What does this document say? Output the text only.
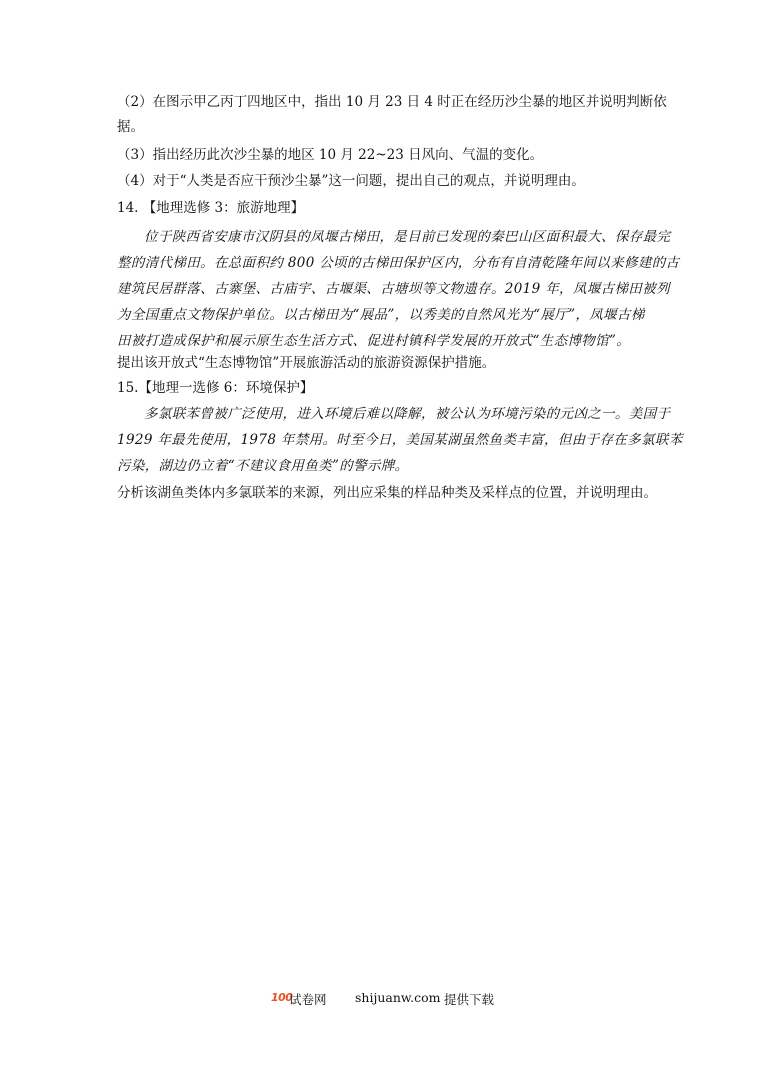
（2）在图示甲乙丙丁四地区中，指出 10 月 23 日 4 时正在经历沙尘暴的地区并说明判断依
据。
（3）指出经历此次沙尘暴的地区 10 月 22~23 日风向、气温的变化。
（4）对于“人类是否应干预沙尘暴”这一问题，提出自己的观点，并说明理由。
14. 【地理选修 3：旅游地理】
位于陕西省安康市汉阴县的凤堰古梯田，是目前已发现的秦巴山区面积最大、保存最完
整的清代梯田。在总面积约 800 公顷的古梯田保护区内，分布有自清乾隆年间以来修建的古
建筑民居群落、古寨堡、古庙宇、古堰渠、古塘坝等文物遗存。2019 年，凤堰古梯田被列
为全国重点文物保护单位。以古梯田为“展品”，以秀美的自然风光为“展厅”，凤堰古梯
田被打造成保护和展示原生态生活方式、促进村镇科学发展的开放式“生态博物馆”。
提出该开放式“生态博物馆”开展旅游活动的旅游资源保护措施。
15.【地理一选修 6：环境保护】
多氯联苯曾被广泛使用，进入环境后难以降解，被公认为环境污染的元凶之一。美国于
1929 年最先使用，1978 年禁用。时至今日，美国某湖虽然鱼类丰富，但由于存在多氯联苯
污染，湖边仍立着“不建议食用鱼类”的警示牌。
分析该湖鱼类体内多氯联苯的来源，列出应采集的样品种类及采样点的位置，并说明理由。
100
试卷网 shijuanw.com 提供下载
